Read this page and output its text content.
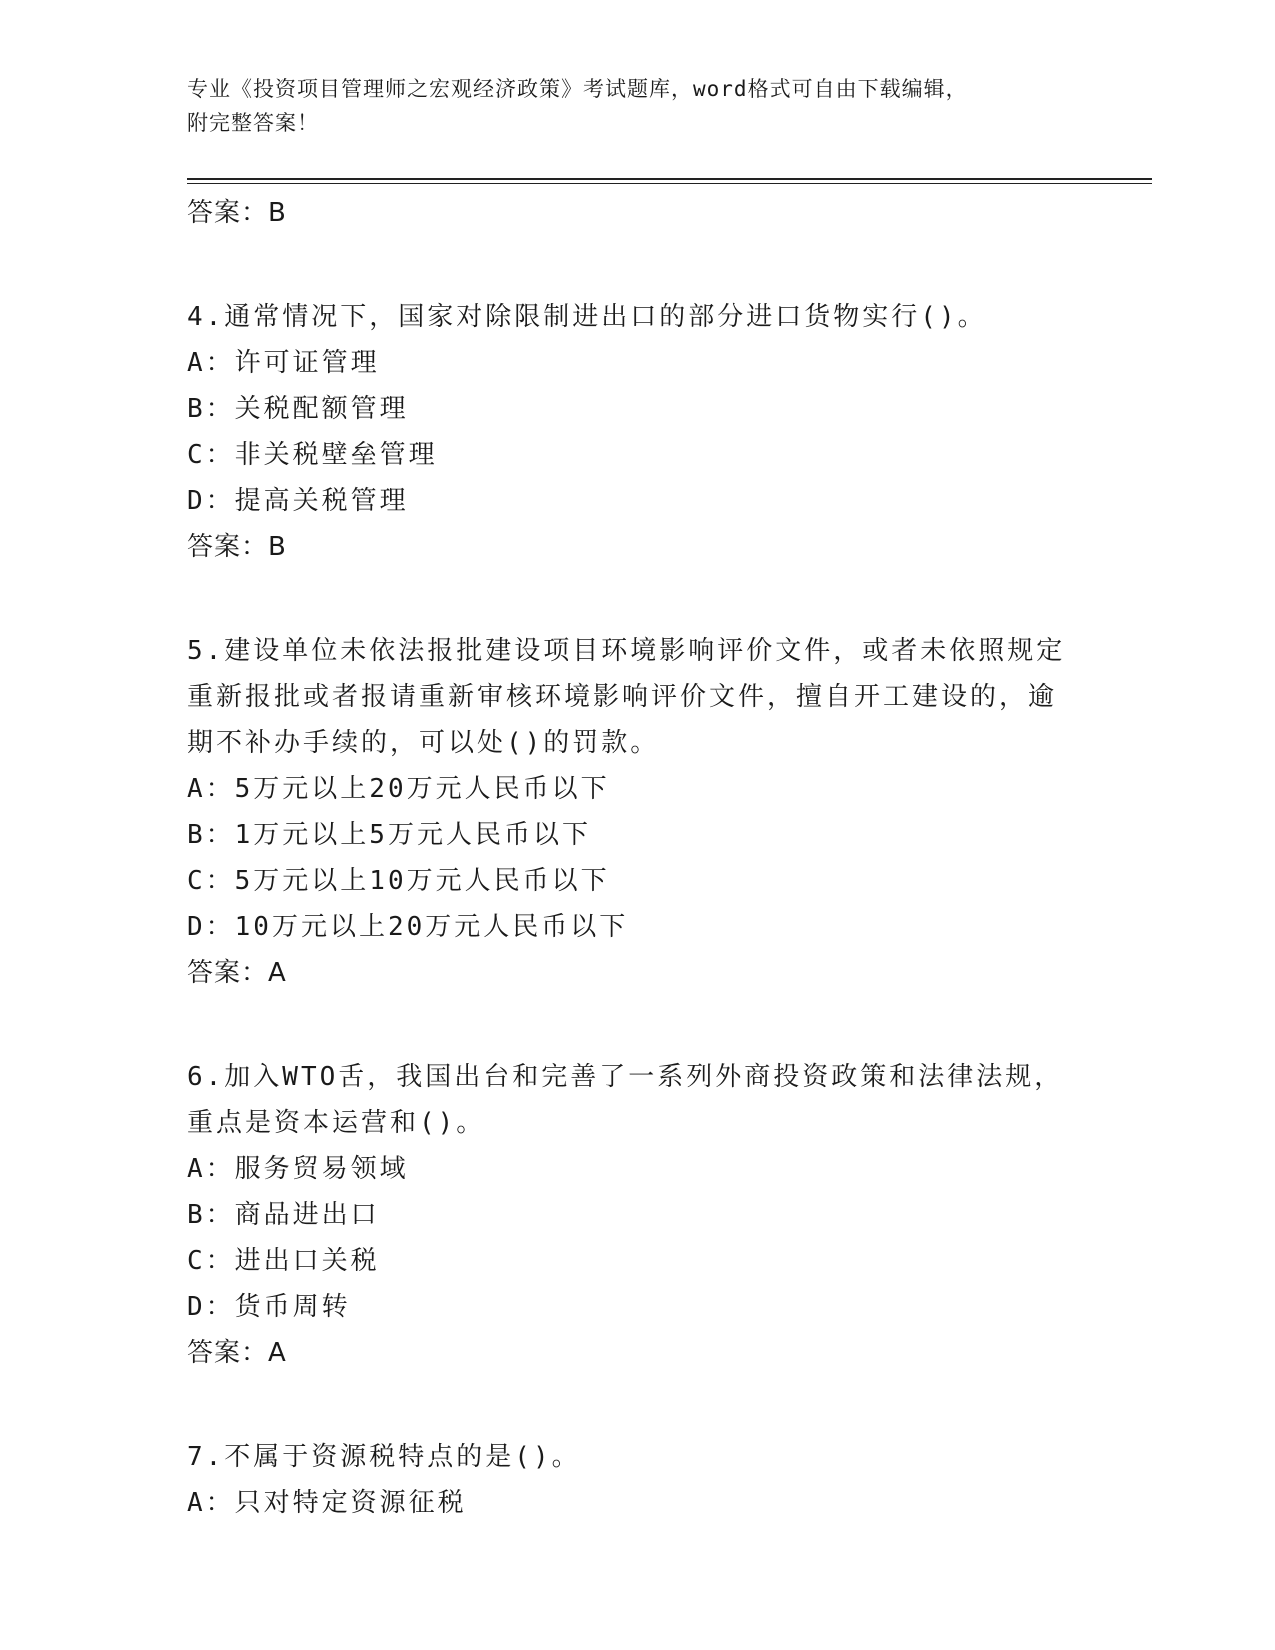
专业《投资项目管理师之宏观经济政策》考试题库，word格式可自由下载编辑，
附完整答案！
答案：B
4.通常情况下，国家对除限制进出口的部分进口货物实行()。
A：许可证管理
B：关税配额管理
C：非关税壁垒管理
D：提高关税管理
答案：B
5.建设单位未依法报批建设项目环境影响评价文件，或者未依照规定
重新报批或者报请重新审核环境影响评价文件，擅自开工建设的，逾
期不补办手续的，可以处()的罚款。
A：5万元以上20万元人民币以下
B：1万元以上5万元人民币以下
C：5万元以上10万元人民币以下
D：10万元以上20万元人民币以下
答案：A
6.加入WTO舌，我国出台和完善了一系列外商投资政策和法律法规，
重点是资本运营和()。
A：服务贸易领域
B：商品进出口
C：进出口关税
D：货币周转
答案：A
7.不属于资源税特点的是()。
A：只对特定资源征税
